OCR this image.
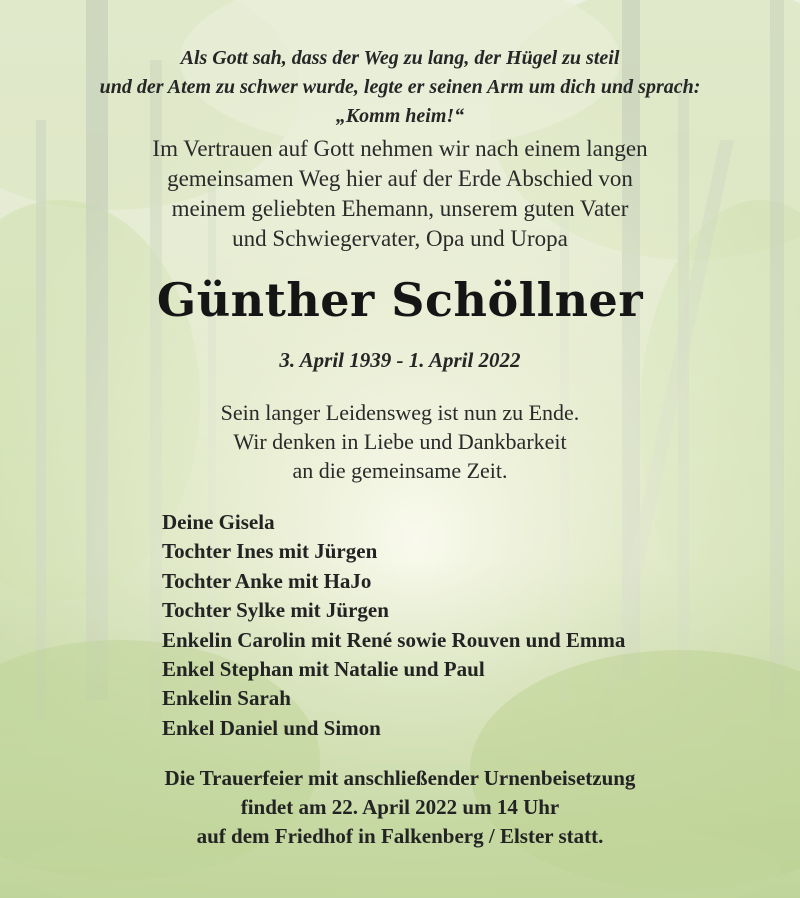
Als Gott sah, dass der Weg zu lang, der Hügel zu steil
und der Atem zu schwer wurde, legte er seinen Arm um dich und sprach:
„Komm heim!“
Im Vertrauen auf Gott nehmen wir nach einem langen
gemeinsamen Weg hier auf der Erde Abschied von
meinem geliebten Ehemann, unserem guten Vater
und Schwiegervater, Opa und Uropa
Günther Schöllner
3. April 1939 - 1. April 2022
Sein langer Leidensweg ist nun zu Ende.
Wir denken in Liebe und Dankbarkeit
an die gemeinsame Zeit.
Deine Gisela
Tochter Ines mit Jürgen
Tochter Anke mit HaJo
Tochter Sylke mit Jürgen
Enkelin Carolin mit René sowie Rouven und Emma
Enkel Stephan mit Natalie und Paul
Enkelin Sarah
Enkel Daniel und Simon
Die Trauerfeier mit anschließender Urnenbeisetzung
findet am 22. April 2022 um 14 Uhr
auf dem Friedhof in Falkenberg / Elster statt.
